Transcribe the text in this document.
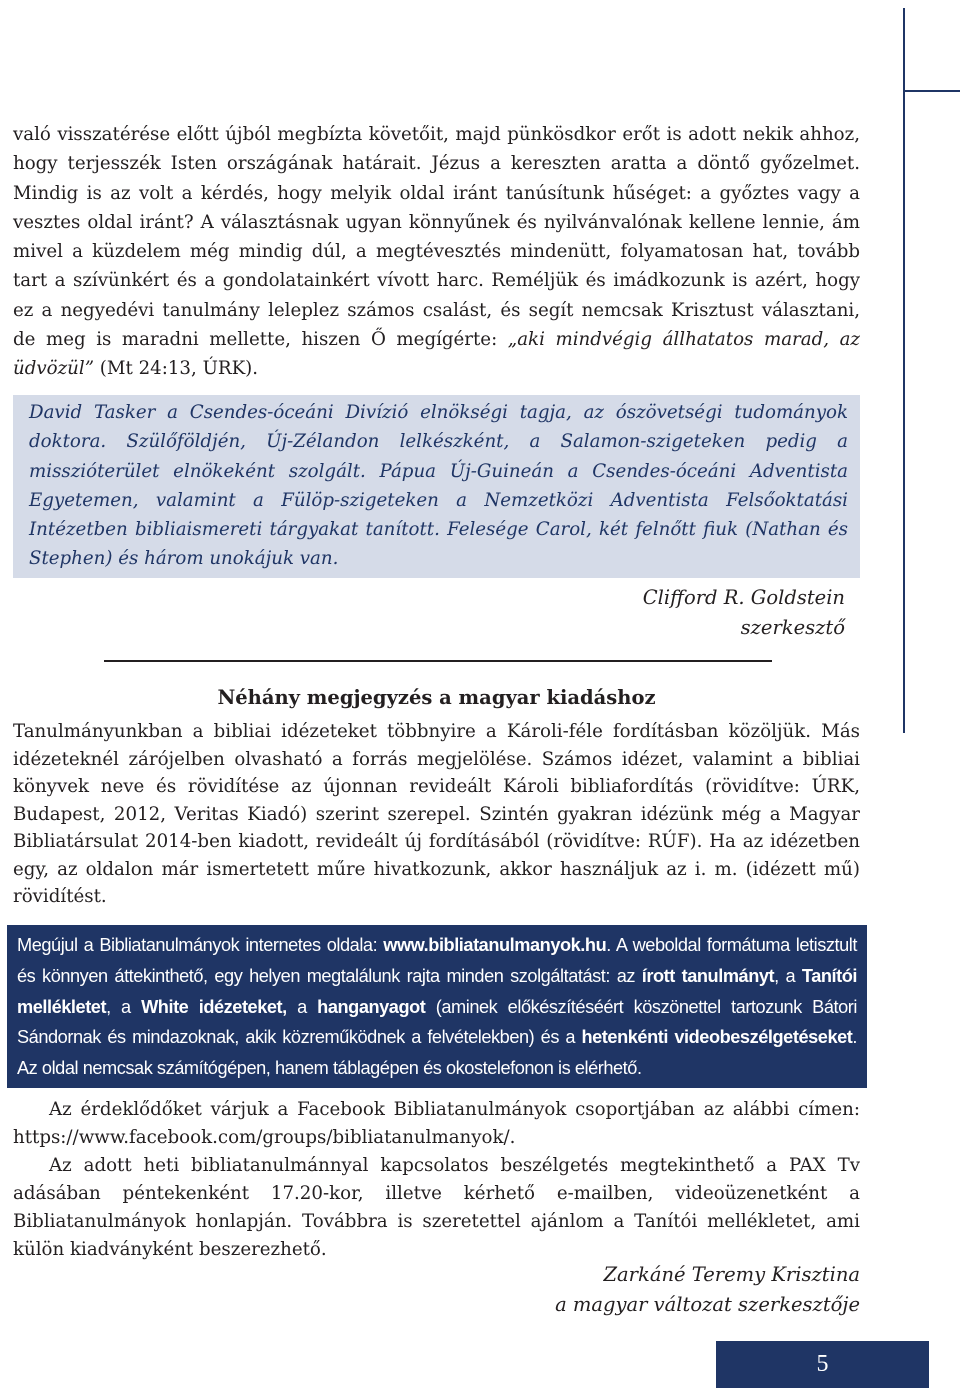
való visszatérése előtt újból megbízta követőit, majd pünkösdkor erőt is adott nekik ahhoz, hogy terjesszék Isten országának határait. Jézus a kereszten aratta a döntő győzelmet. Mindig is az volt a kérdés, hogy melyik oldal iránt tanúsítunk hűséget: a győztes vagy a vesztes oldal iránt? A választásnak ugyan könnyűnek és nyilvánvalónak kellene lennie, ám mivel a küzdelem még mindig dúl, a megtévesztés mindenütt, folyamatosan hat, tovább tart a szívünkért és a gondolatainkért vívott harc. Reméljük és imádkozunk is azért, hogy ez a negyedévi tanulmány leleplez számos csalást, és segít nemcsak Krisztust választani, de meg is maradni mellette, hiszen Ő megígérte: „aki mindvégig állhatatos marad, az üdvözül” (Mt 24:13, ÚRK).

David Tasker a Csendes-óceáni Divízió elnökségi tagja, az ószövetségi tudományok doktora. Szülőföldjén, Új-Zélandon lelkészként, a Salamon-szigeteken pedig a misszióterület elnökeként szolgált. Pápua Új-Guineán a Csendes-óceáni Adventista Egyetemen, valamint a Fülöp-szigeteken a Nemzetközi Adventista Felsőoktatási Intézetben bibliaismereti tárgyakat tanított. Felesége Carol, két felnőtt fiuk (Nathan és Stephen) és három unokájuk van.

Clifford R. Goldstein
szerkesztő
Néhány megjegyzés a magyar kiadáshoz

Tanulmányunkban a bibliai idézeteket többnyire a Károli-féle fordításban közöljük. Más idézeteknél zárójelben olvasható a forrás megjelölése. Számos idézet, valamint a bibliai könyvek neve és rövidítése az újonnan revideált Károli bibliafordítás (rövidítve: ÚRK, Budapest, 2012, Veritas Kiadó) szerint szerepel. Szintén gyakran idézünk még a Magyar Bibliatársulat 2014-ben kiadott, revideált új fordításából (rövidítve: RÚF). Ha az idézetben egy, az oldalon már ismertetett műre hivatkozunk, akkor használjuk az i. m. (idézett mű) rövidítést.

Megújul a Bibliatanulmányok internetes oldala: www.bibliatanulmanyok.hu. A weboldal formátuma letisztult és könnyen áttekinthető, egy helyen megtalálunk rajta minden szolgáltatást: az írott tanulmányt, a Tanítói mellékletet, a White idézeteket, a hanganyagot (aminek előkészítéséért köszönettel tartozunk Bátori Sándornak és mindazoknak, akik közreműködnek a felvételekben) és a hetenkénti videobeszélgetéseket. Az oldal nemcsak számítógépen, hanem táblagépen és okostelefonon is elérhető.

Az érdeklődőket várjuk a Facebook Bibliatanulmányok csoportjában az alábbi címen: https://www.facebook.com/groups/bibliatanulmanyok/.

Az adott heti bibliatanulmánnyal kapcsolatos beszélgetés megtekinthető a PAX Tv adásában péntekenként 17.20-kor, illetve kérhető e-mailben, videoüzenetként a Bibliatanulmányok honlapján. Továbbra is szeretettel ajánlom a Tanítói mellékletet, ami külön kiadványként beszerezhető.

Zarkáné Teremy Krisztina
a magyar változat szerkesztője
5
